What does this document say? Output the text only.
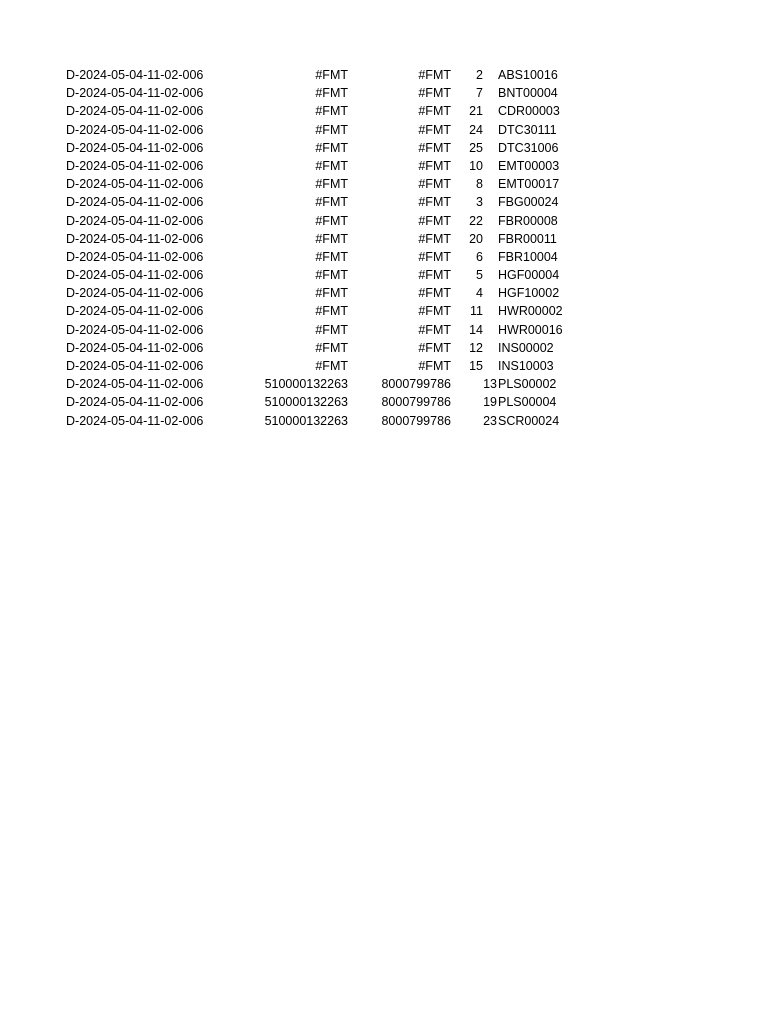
D-2024-05-04-11-02-006	#FMT	#FMT 2 ABS10016
D-2024-05-04-11-02-006	#FMT	#FMT 7 BNT00004
D-2024-05-04-11-02-006	#FMT	#FMT 21 CDR00003
D-2024-05-04-11-02-006	#FMT	#FMT 24 DTC30111
D-2024-05-04-11-02-006	#FMT	#FMT 25 DTC31006
D-2024-05-04-11-02-006	#FMT	#FMT 10 EMT00003
D-2024-05-04-11-02-006	#FMT	#FMT 8 EMT00017
D-2024-05-04-11-02-006	#FMT	#FMT 3 FBG00024
D-2024-05-04-11-02-006	#FMT	#FMT 22 FBR00008
D-2024-05-04-11-02-006	#FMT	#FMT 20 FBR00011
D-2024-05-04-11-02-006	#FMT	#FMT 6 FBR10004
D-2024-05-04-11-02-006	#FMT	#FMT 5 HGF00004
D-2024-05-04-11-02-006	#FMT	#FMT 4 HGF10002
D-2024-05-04-11-02-006	#FMT	#FMT 11 HWR00002
D-2024-05-04-11-02-006	#FMT	#FMT 14 HWR00016
D-2024-05-04-11-02-006	#FMT	#FMT 12 INS00002
D-2024-05-04-11-02-006	#FMT	#FMT 15 INS10003
D-2024-05-04-11-02-006	510000132263	8000799786	13 PLS00002
D-2024-05-04-11-02-006	510000132263	8000799786	19 PLS00004
D-2024-05-04-11-02-006	510000132263	8000799786	23 SCR00024
